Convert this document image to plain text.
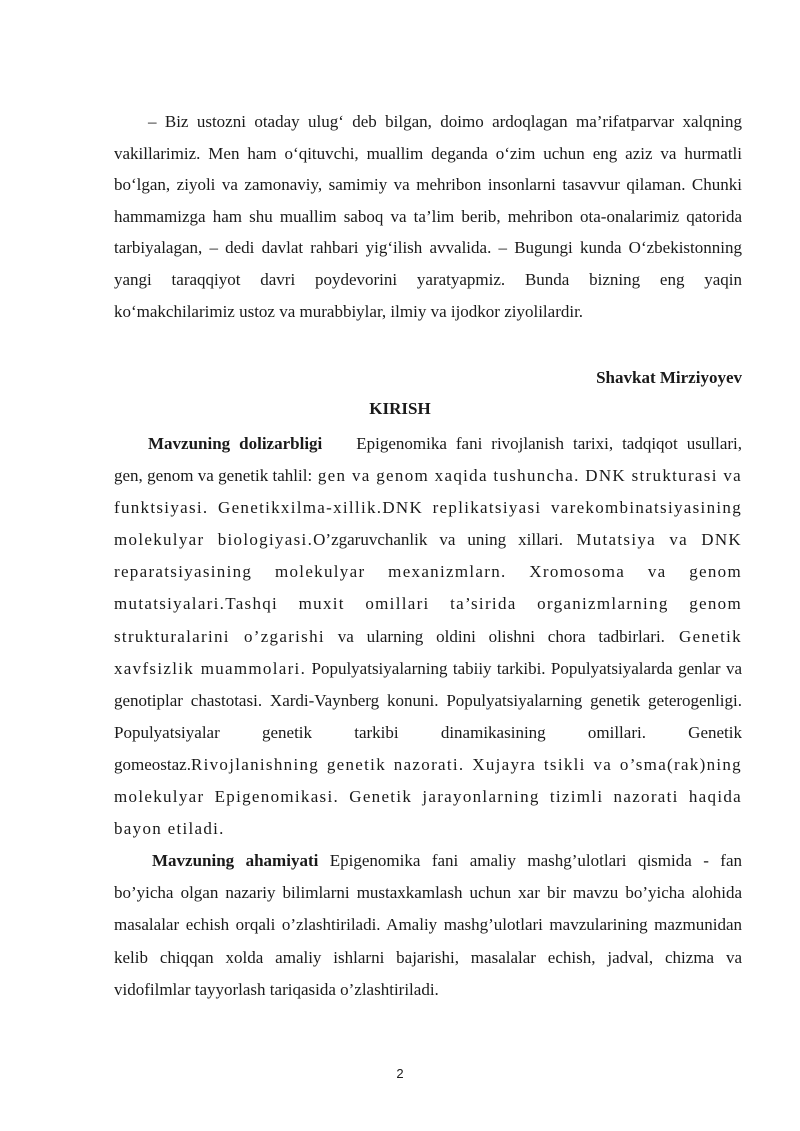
– Biz ustozni otaday ulug‘ deb bilgan, doimo ardoqlagan ma’rifatparvar xalqning vakillarimiz. Men ham o‘qituvchi, muallim deganda o‘zim uchun eng aziz va hurmatli bo‘lgan, ziyoli va zamonaviy, samimiy va mehribon insonlarni tasavvur qilaman. Chunki hammamizga ham shu muallim saboq va ta’lim berib, mehribon ota-onalarimiz qatorida tarbiyalagan, – dedi davlat rahbari yig‘ilish avvalida. – Bugungi kunda O‘zbekistonning yangi taraqqiyot davri poydevorini yaratyapmiz. Bunda bizning eng yaqin ko‘makchilarimiz ustoz va murabbiylar, ilmiy va ijodkor ziyolilardir.

Shavkat Mirziyoyev
KIRISH

Mavzuning dolizarbligi Epigenomika fani rivojlanish tarixi, tadqiqot usullari, gen, genom va genetik tahlil: gen va genom xaqida tushuncha. DNK strukturasi va funktsiyasi. Genetikxilma-xillik.DNK replikatsiyasi varekombinatsiyasining molekulyar biologiyasi.O’zgaruvchanlik va uning xillari. Mutatsiya va DNK reparatsiyasining molekulyar mexanizmlarn. Xromosoma va genom mutatsiyalari.Tashqi muxit omillari ta’sirida organizmlarning genom strukturalarini o’zgarishi va ularning oldini olishni chora tadbirlari. Genetik xavfsizlik muammolari. Populyatsiyalarning tabiiy tarkibi. Populyatsiyalarda genlar va genotiplar chastotasi. Xardi-Vaynberg konuni. Populyatsiyalarning genetik geterogenligi. Populyatsiyalar genetik tarkibi dinamikasining omillari. Genetik gomeostaz.Rivojlanishning genetik nazorati. Xujayra tsikli va o’sma(rak)ning molekulyar Epigenomikasi. Genetik jarayonlarning tizimli nazorati haqida bayon etiladi.

Mavzuning ahamiyati Epigenomika fani amaliy mashg’ulotlari qismida - fan bo’yicha olgan nazariy bilimlarni mustaxkamlash uchun xar bir mavzu bo’yicha alohida masalalar echish orqali o’zlashtiriladi. Amaliy mashg’ulotlari mavzularining mazmunidan kelib chiqqan xolda amaliy ishlarni bajarishi, masalalar echish, jadval, chizma va vidofilmlar tayyorlash tariqasida o’zlashtiriladi.

2
